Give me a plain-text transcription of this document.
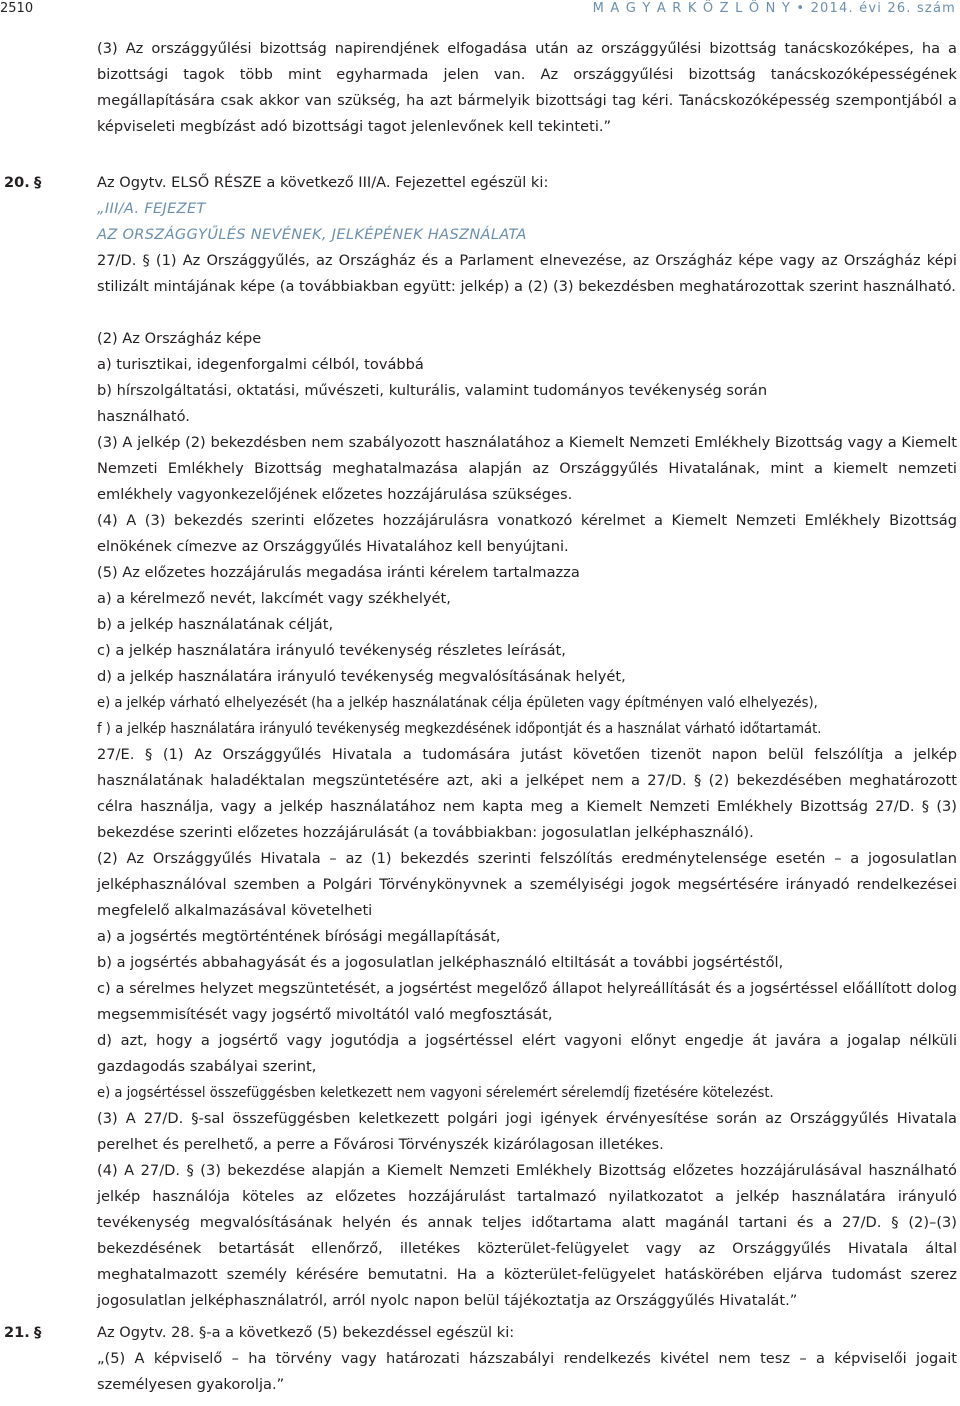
2510	M A G Y A R K Ö Z L Ö N Y • 2014. évi 26. szám

(3) Az országgyűlési bizottság napirendjének elfogadása után az országgyűlési bizottság tanácskozóképes, ha a bizottsági tagok több mint egyharmada jelen van. Az országgyűlési bizottság tanácskozóképességének megállapítására csak akkor van szükség, ha azt bármelyik bizottsági tag kéri. Tanácskozóképesség szempontjából a képviseleti megbízást adó bizottsági tagot jelenlevőnek kell tekinteti.”

20. §	Az Ogytv. ELSŐ RÉSZE a következő III/A. Fejezettel egészül ki:

„III/A. FEJEZET

AZ ORSZÁGGYŰLÉS NEVÉNEK, JELKÉPÉNEK HASZNÁLATA

27/D. § (1) Az Országgyűlés, az Országház és a Parlament elnevezése, az Országház képe vagy az Országház képi stilizált mintájának képe (a továbbiakban együtt: jelkép) a (2) (3) bekezdésben meghatározottak szerint használható.

(2) Az Országház képe

a) turisztikai, idegenforgalmi célból, továbbá

b) hírszolgáltatási, oktatási, művészeti, kulturális, valamint tudományos tevékenység során

használható.

(3) A jelkép (2) bekezdésben nem szabályozott használatához a Kiemelt Nemzeti Emlékhely Bizottság vagy a Kiemelt Nemzeti Emlékhely Bizottság meghatalmazása alapján az Országgyűlés Hivatalának, mint a kiemelt nemzeti emlékhely vagyonkezelőjének előzetes hozzájárulása szükséges.

(4) A (3) bekezdés szerinti előzetes hozzájárulásra vonatkozó kérelmet a Kiemelt Nemzeti Emlékhely Bizottság elnökének címezve az Országgyűlés Hivatalához kell benyújtani.

(5) Az előzetes hozzájárulás megadása iránti kérelem tartalmazza

a) a kérelmező nevét, lakcímét vagy székhelyét,

b) a jelkép használatának célját,

c) a jelkép használatára irányuló tevékenység részletes leírását,

d) a jelkép használatára irányuló tevékenység megvalósításának helyét,

e) a jelkép várható elhelyezését (ha a jelkép használatának célja épületen vagy építményen való elhelyezés),

f ) a jelkép használatára irányuló tevékenység megkezdésének időpontját és a használat várható időtartamát.

27/E. § (1) Az Országgyűlés Hivatala a tudomására jutást követően tizenöt napon belül felszólítja a jelkép használatának haladéktalan megszüntetésére azt, aki a jelképet nem a 27/D. § (2) bekezdésében meghatározott célra használja, vagy a jelkép használatához nem kapta meg a Kiemelt Nemzeti Emlékhely Bizottság 27/D. § (3) bekezdése szerinti előzetes hozzájárulását (a továbbiakban: jogosulatlan jelképhasználó).

(2) Az Országgyűlés Hivatala – az (1) bekezdés szerinti felszólítás eredménytelensége esetén – a jogosulatlan jelképhasználóval szemben a Polgári Törvénykönyvnek a személyiségi jogok megsértésére irányadó rendelkezései megfelelő alkalmazásával követelheti

a) a jogsértés megtörténtének bírósági megállapítását,

b) a jogsértés abbahagyását és a jogosulatlan jelképhasználó eltiltását a további jogsértéstől,

c) a sérelmes helyzet megszüntetését, a jogsértést megelőző állapot helyreállítását és a jogsértéssel előállított dolog megsemmisítését vagy jogsértő mivoltától való megfosztását,

d) azt, hogy a jogsértő vagy jogutódja a jogsértéssel elért vagyoni előnyt engedje át javára a jogalap nélküli gazdagodás szabályai szerint,

e) a jogsértéssel összefüggésben keletkezett nem vagyoni sérelemért sérelemdíj fizetésére kötelezést.

(3) A 27/D. §-sal összefüggésben keletkezett polgári jogi igények érvényesítése során az Országgyűlés Hivatala perelhet és perelhető, a perre a Fővárosi Törvényszék kizárólagosan illetékes.

(4) A 27/D. § (3) bekezdése alapján a Kiemelt Nemzeti Emlékhely Bizottság előzetes hozzájárulásával használható jelkép használója köteles az előzetes hozzájárulást tartalmazó nyilatkozatot a jelkép használatára irányuló tevékenység megvalósításának helyén és annak teljes időtartama alatt magánál tartani és a 27/D. § (2)–(3) bekezdésének betartását ellenőrző, illetékes közterület-felügyelet vagy az Országgyűlés Hivatala által meghatalmazott személy kérésére bemutatni. Ha a közterület-felügyelet hatáskörében eljárva tudomást szerez jogosulatlan jelképhasználatról, arról nyolc napon belül tájékoztatja az Országgyűlés Hivatalát.”

21. §	Az Ogytv. 28. §-a a következő (5) bekezdéssel egészül ki:

„(5) A képviselő – ha törvény vagy határozati házszabályi rendelkezés kivétel nem tesz – a képviselői jogait személyesen gyakorolja.”
